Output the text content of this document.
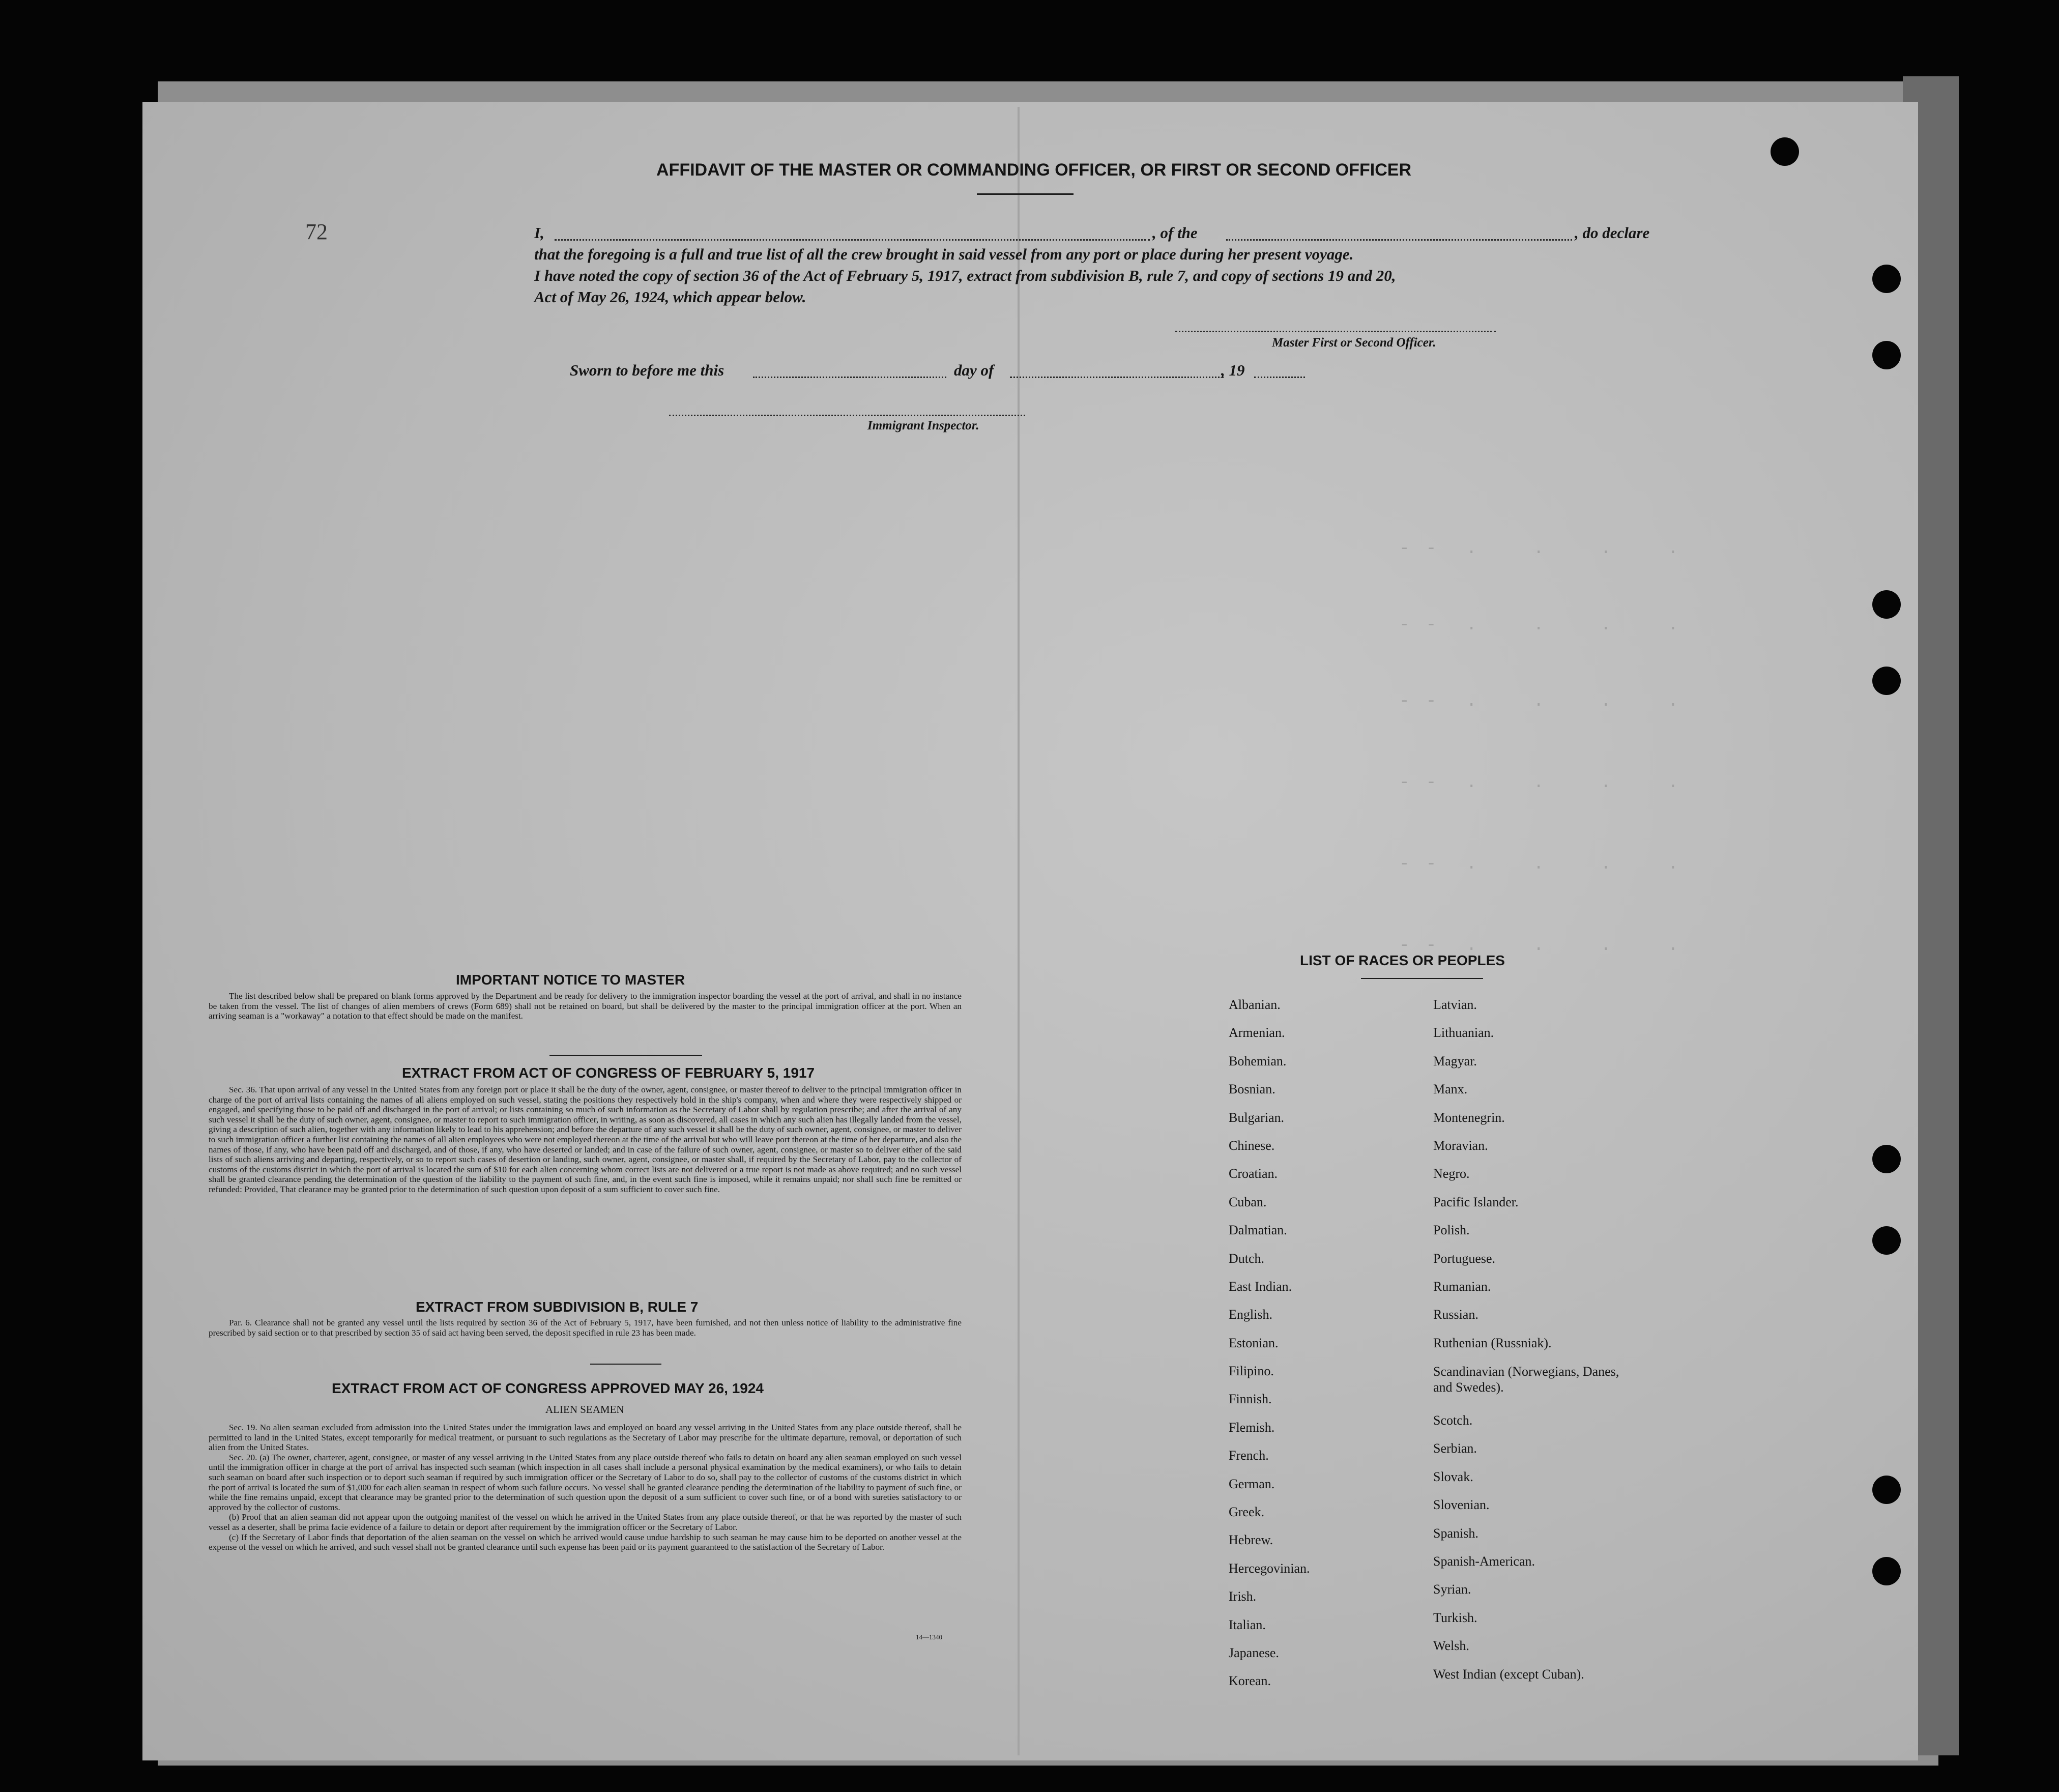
- -  .    .    .    .
- -  .    .    .    .
- -  .    .    .    .
- -  .    .    .    .
- -  .    .    .    .
- -  .    .    .    .
72
AFFIDAVIT OF THE MASTER OR COMMANDING OFFICER, OR FIRST OR SECOND OFFICER
I,	, of the	, do declare
that the foregoing is a full and true list of all the crew brought in said vessel from any port or place during her present voyage.
I have noted the copy of section 36 of the Act of February 5, 1917, extract from subdivision B, rule 7, and copy of sections 19 and 20,
Act of May 26, 1924, which appear below.
Master First or Second Officer.
Sworn to before me this	day of	, 19
Immigrant Inspector.
IMPORTANT NOTICE TO MASTER

The list described below shall be prepared on blank forms approved by the Department and be ready for delivery to the immigration inspector boarding the vessel at the port of arrival, and shall in no instance be taken from the vessel. The list of changes of alien members of crews (Form 689) shall not be retained on board, but shall be delivered by the master to the principal immigration officer at the port. When an arriving seaman is a "workaway" a notation to that effect should be made on the manifest.

EXTRACT FROM ACT OF CONGRESS OF FEBRUARY 5, 1917

Sec. 36. That upon arrival of any vessel in the United States from any foreign port or place it shall be the duty of the owner, agent, consignee, or master thereof to deliver to the principal immigration officer in charge of the port of arrival lists containing the names of all aliens employed on such vessel, stating the positions they respectively hold in the ship's company, when and where they were respectively shipped or engaged, and specifying those to be paid off and discharged in the port of arrival; or lists containing so much of such information as the Secretary of Labor shall by regulation prescribe; and after the arrival of any such vessel it shall be the duty of such owner, agent, consignee, or master to report to such immigration officer, in writing, as soon as discovered, all cases in which any such alien has illegally landed from the vessel, giving a description of such alien, together with any information likely to lead to his apprehension; and before the departure of any such vessel it shall be the duty of such owner, agent, consignee, or master to deliver to such immigration officer a further list containing the names of all alien employees who were not employed thereon at the time of the arrival but who will leave port thereon at the time of her departure, and also the names of those, if any, who have been paid off and discharged, and of those, if any, who have deserted or landed; and in case of the failure of such owner, agent, consignee, or master so to deliver either of the said lists of such aliens arriving and departing, respectively, or so to report such cases of desertion or landing, such owner, agent, consignee, or master shall, if required by the Secretary of Labor, pay to the collector of customs of the customs district in which the port of arrival is located the sum of $10 for each alien concerning whom correct lists are not delivered or a true report is not made as above required; and no such vessel shall be granted clearance pending the determination of the question of the liability to the payment of such fine, and, in the event such fine is imposed, while it remains unpaid; nor shall such fine be remitted or refunded: Provided, That clearance may be granted prior to the determination of such question upon deposit of a sum sufficient to cover such fine.

EXTRACT FROM SUBDIVISION B, RULE 7

Par. 6. Clearance shall not be granted any vessel until the lists required by section 36 of the Act of February 5, 1917, have been furnished, and not then unless notice of liability to the administrative fine prescribed by said section or to that prescribed by section 35 of said act having been served, the deposit specified in rule 23 has been made.

EXTRACT FROM ACT OF CONGRESS APPROVED MAY 26, 1924
ALIEN SEAMEN

Sec. 19. No alien seaman excluded from admission into the United States under the immigration laws and employed on board any vessel arriving in the United States from any place outside thereof, shall be permitted to land in the United States, except temporarily for medical treatment, or pursuant to such regulations as the Secretary of Labor may prescribe for the ultimate departure, removal, or deportation of such alien from the United States.

Sec. 20. (a) The owner, charterer, agent, consignee, or master of any vessel arriving in the United States from any place outside thereof who fails to detain on board any alien seaman employed on such vessel until the immigration officer in charge at the port of arrival has inspected such seaman (which inspection in all cases shall include a personal physical examination by the medical examiners), or who fails to detain such seaman on board after such inspection or to deport such seaman if required by such immigration officer or the Secretary of Labor to do so, shall pay to the collector of customs of the customs district in which the port of arrival is located the sum of $1,000 for each alien seaman in respect of whom such failure occurs. No vessel shall be granted clearance pending the determination of the liability to payment of such fine, or while the fine remains unpaid, except that clearance may be granted prior to the determination of such question upon the deposit of a sum sufficient to cover such fine, or of a bond with sureties satisfactory to or approved by the collector of customs.

(b) Proof that an alien seaman did not appear upon the outgoing manifest of the vessel on which he arrived in the United States from any place outside thereof, or that he was reported by the master of such vessel as a deserter, shall be prima facie evidence of a failure to detain or deport after requirement by the immigration officer or the Secretary of Labor.

(c) If the Secretary of Labor finds that deportation of the alien seaman on the vessel on which he arrived would cause undue hardship to such seaman he may cause him to be deported on another vessel at the expense of the vessel on which he arrived, and such vessel shall not be granted clearance until such expense has been paid or its payment guaranteed to the satisfaction of the Secretary of Labor.

14—1340
LIST OF RACES OR PEOPLES
Albanian.
Armenian.
Bohemian.
Bosnian.
Bulgarian.
Chinese.
Croatian.
Cuban.
Dalmatian.
Dutch.
East Indian.
English.
Estonian.
Filipino.
Finnish.
Flemish.
French.
German.
Greek.
Hebrew.
Hercegovinian.
Irish.
Italian.
Japanese.
Korean.
Latvian.
Lithuanian.
Magyar.
Manx.
Montenegrin.
Moravian.
Negro.
Pacific Islander.
Polish.
Portuguese.
Rumanian.
Russian.
Ruthenian (Russniak).
Scandinavian (Norwegians, Danes, and Swedes).
Scotch.
Serbian.
Slovak.
Slovenian.
Spanish.
Spanish-American.
Syrian.
Turkish.
Welsh.
West Indian (except Cuban).
